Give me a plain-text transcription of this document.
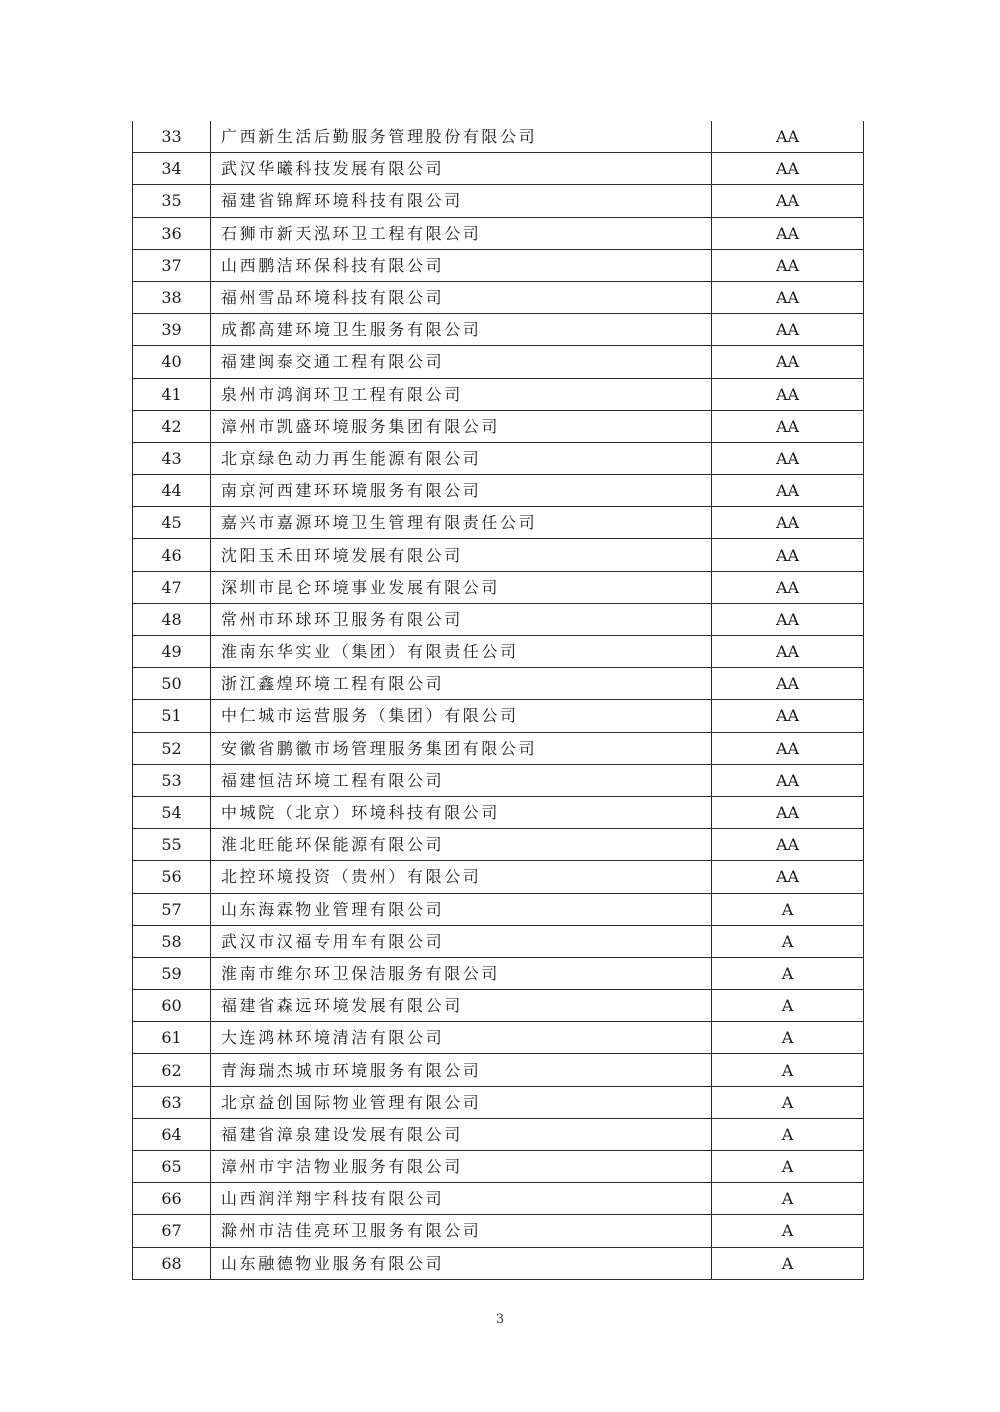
33	广西新生活后勤服务管理股份有限公司	AA
34	武汉华曦科技发展有限公司	AA
35	福建省锦辉环境科技有限公司	AA
36	石狮市新天泓环卫工程有限公司	AA
37	山西鹏洁环保科技有限公司	AA
38	福州雪品环境科技有限公司	AA
39	成都高建环境卫生服务有限公司	AA
40	福建闽泰交通工程有限公司	AA
41	泉州市鸿润环卫工程有限公司	AA
42	漳州市凯盛环境服务集团有限公司	AA
43	北京绿色动力再生能源有限公司	AA
44	南京河西建环环境服务有限公司	AA
45	嘉兴市嘉源环境卫生管理有限责任公司	AA
46	沈阳玉禾田环境发展有限公司	AA
47	深圳市昆仑环境事业发展有限公司	AA
48	常州市环球环卫服务有限公司	AA
49	淮南东华实业（集团）有限责任公司	AA
50	浙江鑫煌环境工程有限公司	AA
51	中仁城市运营服务（集团）有限公司	AA
52	安徽省鹏徽市场管理服务集团有限公司	AA
53	福建恒洁环境工程有限公司	AA
54	中城院（北京）环境科技有限公司	AA
55	淮北旺能环保能源有限公司	AA
56	北控环境投资（贵州）有限公司	AA
57	山东海霖物业管理有限公司	A
58	武汉市汉福专用车有限公司	A
59	淮南市维尔环卫保洁服务有限公司	A
60	福建省森远环境发展有限公司	A
61	大连鸿林环境清洁有限公司	A
62	青海瑞杰城市环境服务有限公司	A
63	北京益创国际物业管理有限公司	A
64	福建省漳泉建设发展有限公司	A
65	漳州市宇洁物业服务有限公司	A
66	山西润洋翔宇科技有限公司	A
67	滁州市洁佳亮环卫服务有限公司	A
68	山东融德物业服务有限公司	A
3
